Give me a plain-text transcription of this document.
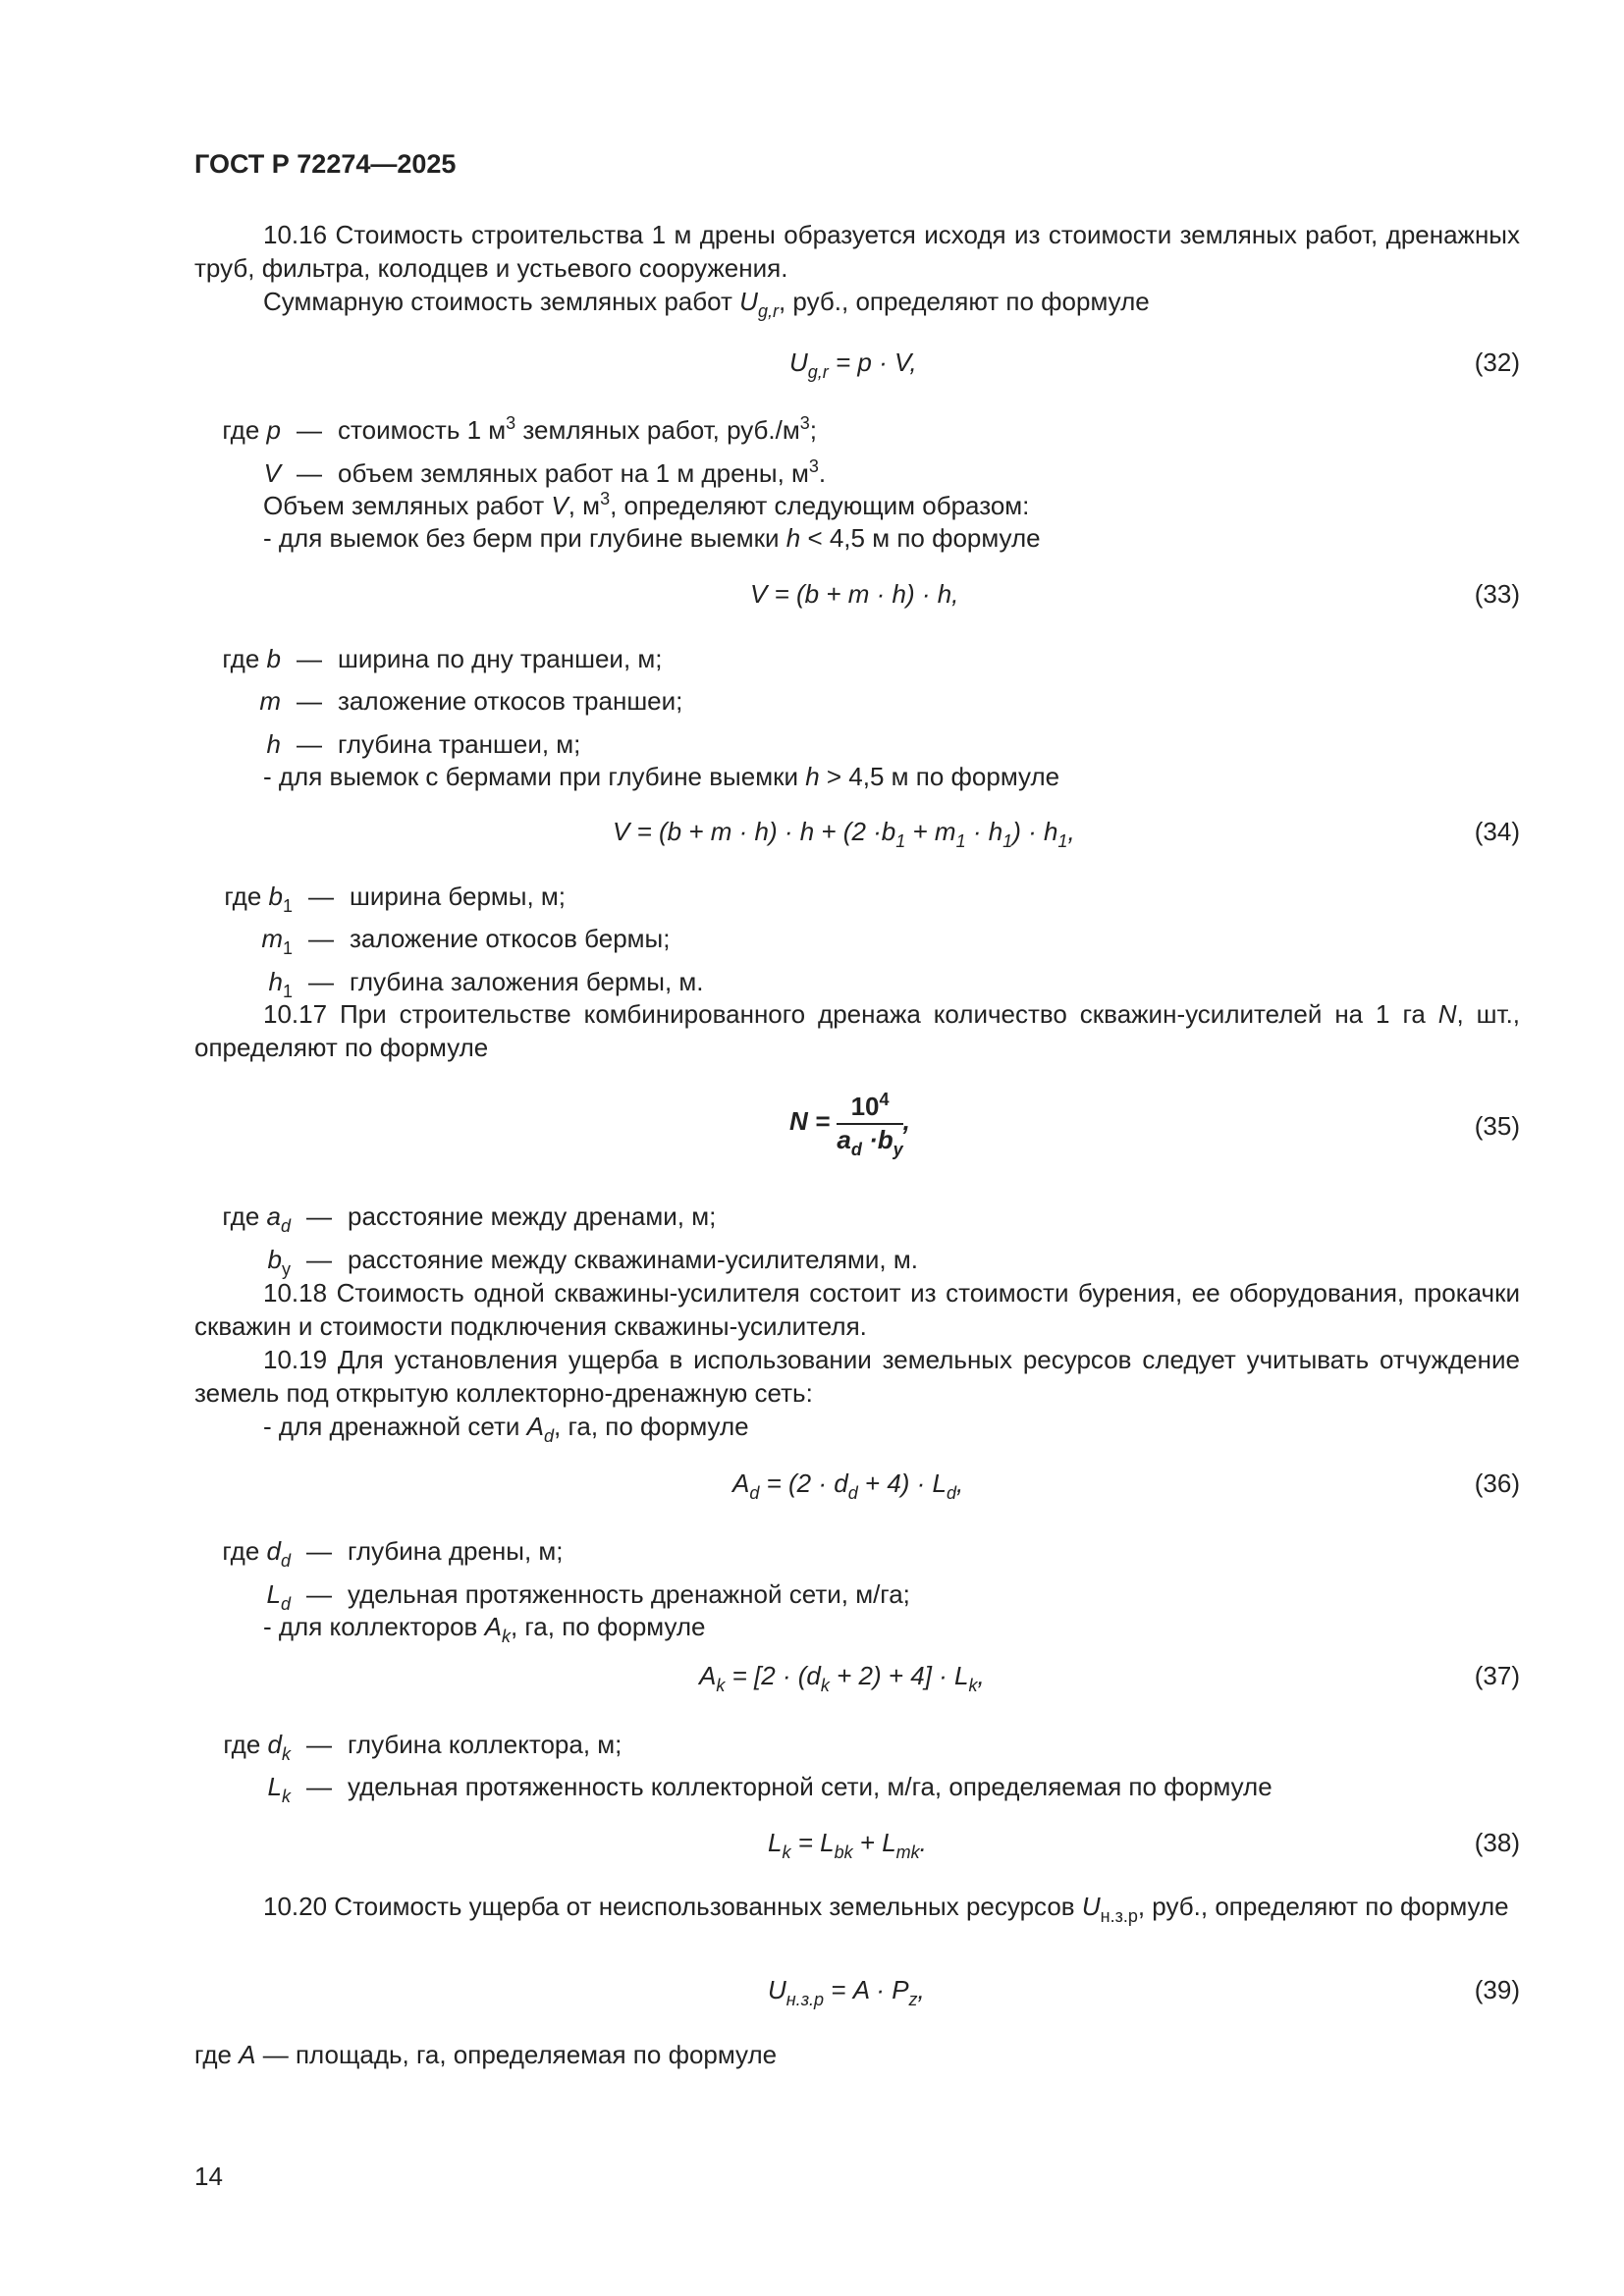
ГОСТ Р 72274—2025
10.16 Стоимость строительства 1 м дрены образуется исходя из стоимости земляных работ, дренажных труб, фильтра, колодцев и устьевого сооружения.
Суммарную стоимость земляных работ $U_{g,r}$, руб., определяют по формуле
$U_{g,r} = p \cdot V$,	(32)
где p — стоимость 1 $м^3$ земляных работ, $руб./м^3$;
V — объем земляных работ на 1 м дрены, $м^3$.
Объем земляных работ V, $м^3$, определяют следующим образом:
- для выемок без берм при глубине выемки h < 4,5 м по формуле
V = (b + m · h) · h,	(33)
где b — ширина по дну траншеи, м;
m — заложение откосов траншеи;
h — глубина траншеи, м;
- для выемок с бермами при глубине выемки h > 4,5 м по формуле
$V = (b + m \cdot h) \cdot h + (2 \cdot b_1 + m_1 \cdot h_1) \cdot h_1$,	(34)
где $b_1$ — ширина бермы, м;
$m_1$ — заложение откосов бермы;
$h_1$ — глубина заложения бермы, м.
10.17 При строительстве комбинированного дренажа количество скважин-усилителей на 1 га N, шт., определяют по формуле
$N = \frac{10^4}{a_d \cdot b_y}$ ,	(35)
где $a_d$ — расстояние между дренами, м;
$b_y$ — расстояние между скважинами-усилителями, м.
10.18 Стоимость одной скважины-усилителя состоит из стоимости бурения, ее оборудования, прокачки скважин и стоимости подключения скважины-усилителя.
10.19 Для установления ущерба в использовании земельных ресурсов следует учитывать отчуждение земель под открытую коллекторно-дренажную сеть:
- для дренажной сети $A_d$, га, по формуле
$A_d = (2 \cdot d_d + 4) \cdot L_d$,	(36)
где $d_d$ — глубина дрены, м;
$L_d$ — удельная протяженность дренажной сети, м/га;
- для коллекторов $A_k$, га, по формуле
$A_k = [2 \cdot (d_k + 2) + 4] \cdot L_k$,	(37)
где $d_k$ — глубина коллектора, м;
$L_k$ — удельная протяженность коллекторной сети, м/га, определяемая по формуле
$L_k = L_{bk} + L_{mk}$.	(38)
10.20 Стоимость ущерба от неиспользованных земельных ресурсов $U_{н.з.р}$, руб., определяют по формуле
$U_{н.з.р} = A \cdot P_z$,	(39)
где A — площадь, га, определяемая по формуле
14
